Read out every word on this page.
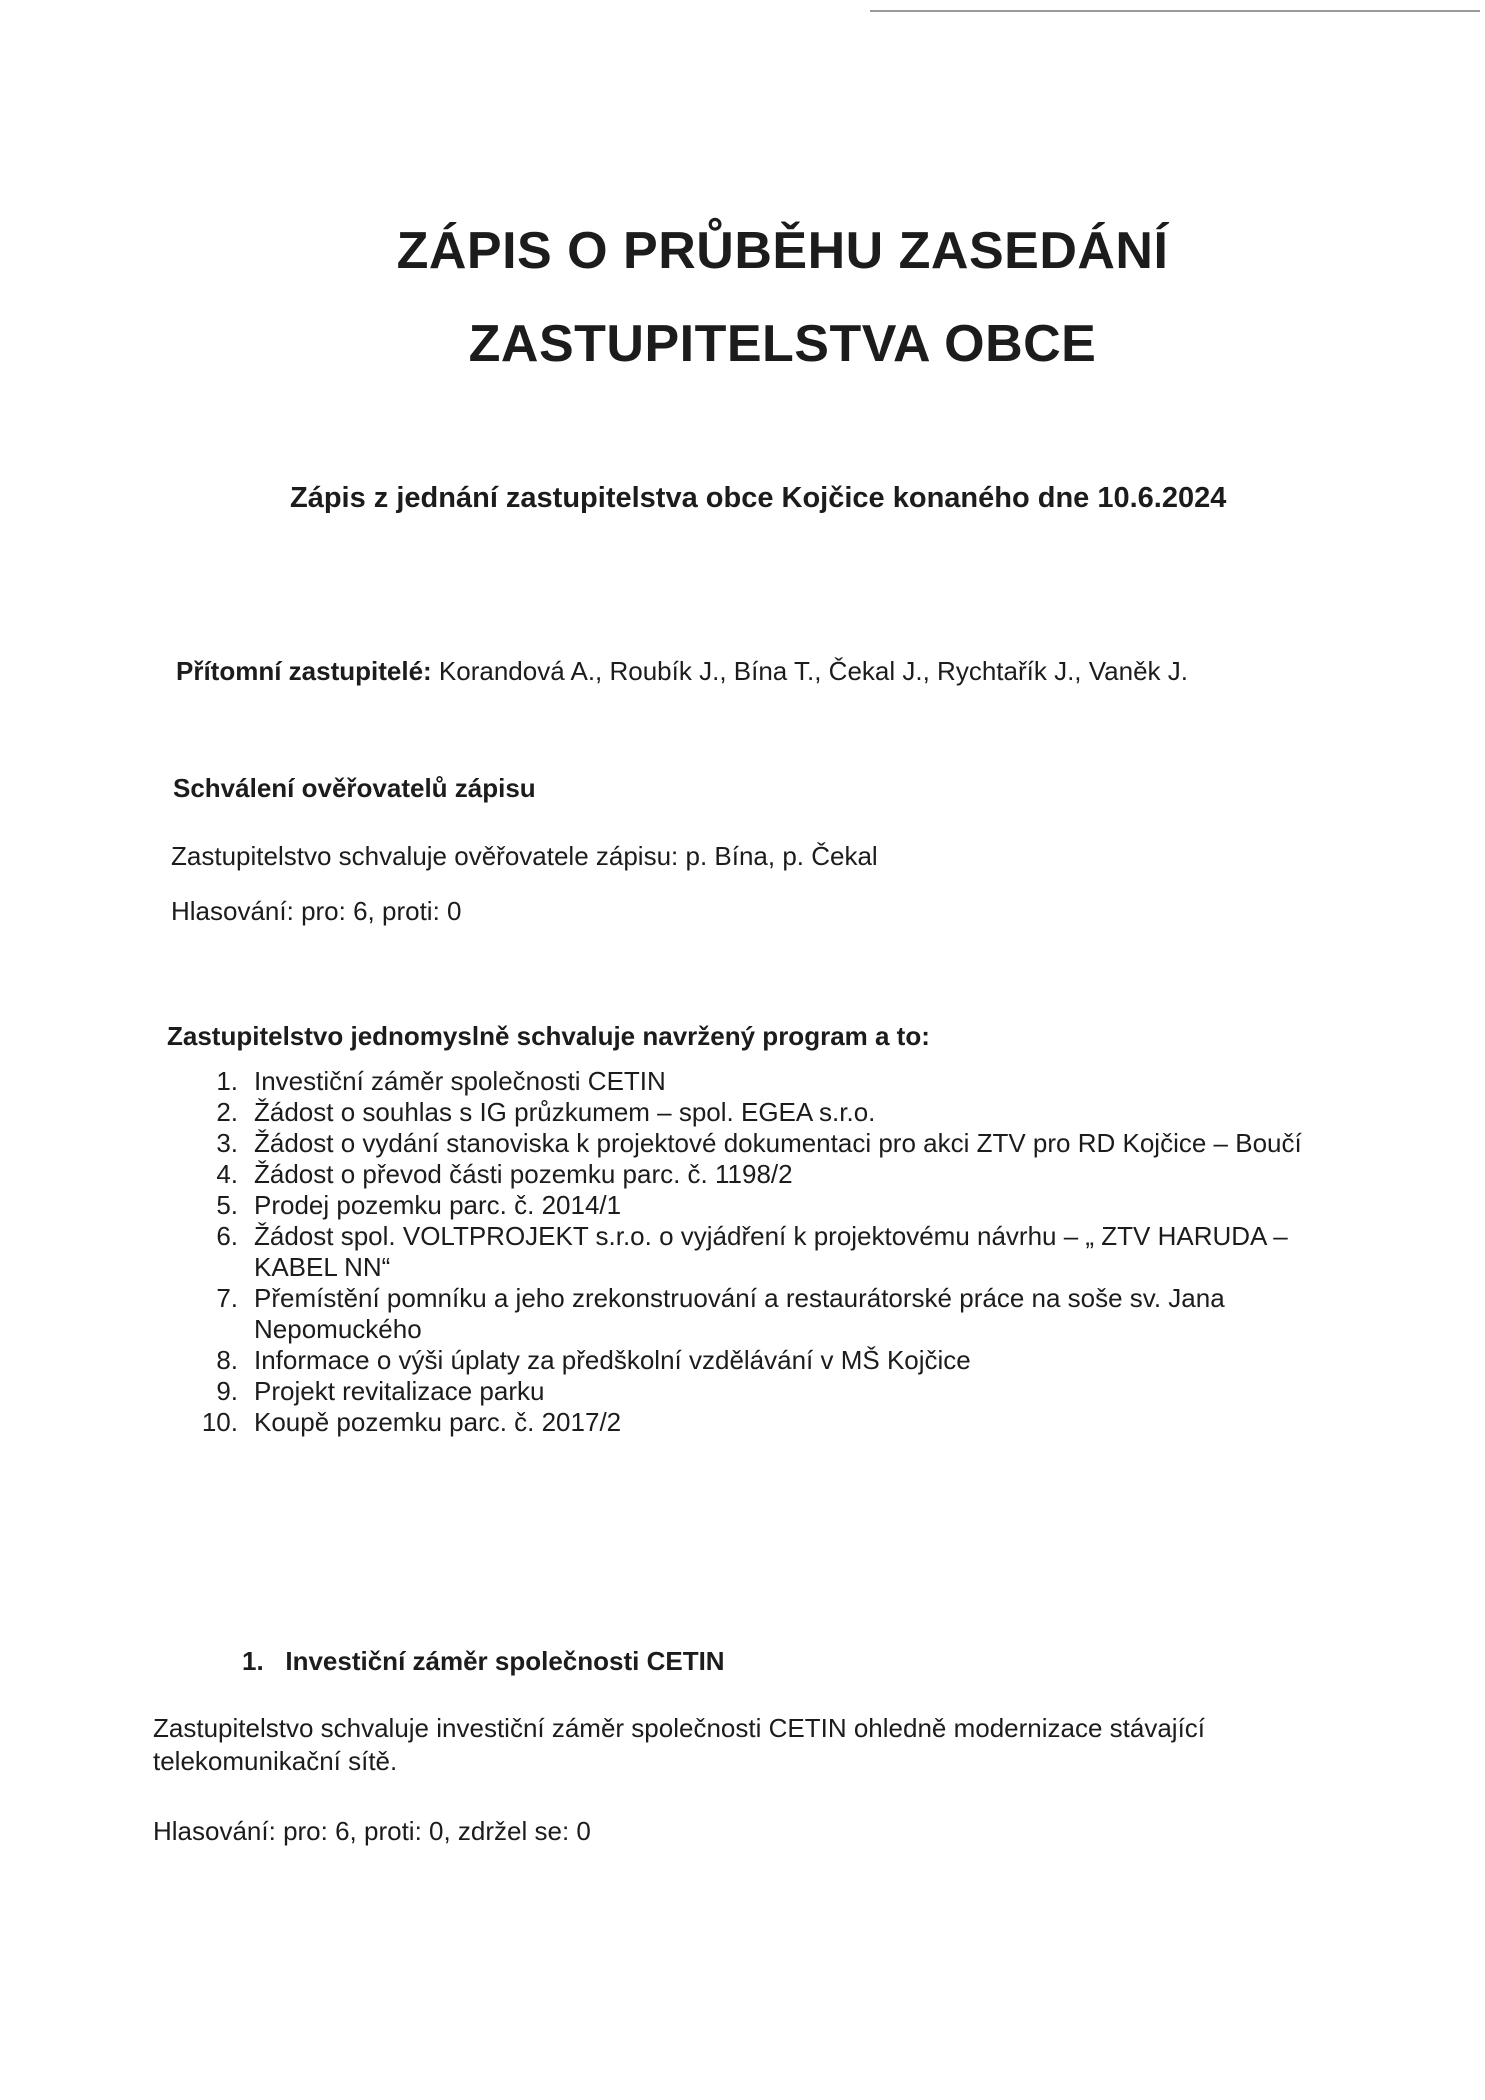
ZÁPIS O PRŮBĚHU ZASEDÁNÍ
ZASTUPITELSTVA OBCE
Zápis z jednání zastupitelstva obce Kojčice konaného dne 10.6.2024
Přítomní zastupitelé: Korandová A., Roubík J., Bína T., Čekal J., Rychtařík J., Vaněk J.
Schválení ověřovatelů zápisu
Zastupitelstvo schvaluje ověřovatele zápisu: p. Bína, p. Čekal
Hlasování: pro: 6, proti: 0
Zastupitelstvo jednomyslně schvaluje navržený program a to:
1. Investiční záměr společnosti CETIN
2. Žádost o souhlas s IG průzkumem – spol. EGEA s.r.o.
3. Žádost o vydání stanoviska k projektové dokumentaci pro akci ZTV pro RD Kojčice – Boučí
4. Žádost o převod části pozemku parc. č. 1198/2
5. Prodej pozemku parc. č. 2014/1
6. Žádost spol. VOLTPROJEKT s.r.o. o vyjádření k projektovému návrhu – „ ZTV HARUDA – KABEL NN“
7. Přemístění pomníku a jeho zrekonstruování a restaurátorské práce na soše sv. Jana Nepomuckého
8. Informace o výši úplaty za předškolní vzdělávání v MŠ Kojčice
9. Projekt revitalizace parku
10. Koupě pozemku parc. č. 2017/2
1.   Investiční záměr společnosti CETIN
Zastupitelstvo schvaluje investiční záměr společnosti CETIN ohledně modernizace stávající telekomunikační sítě.
Hlasování: pro: 6, proti: 0, zdržel se: 0
